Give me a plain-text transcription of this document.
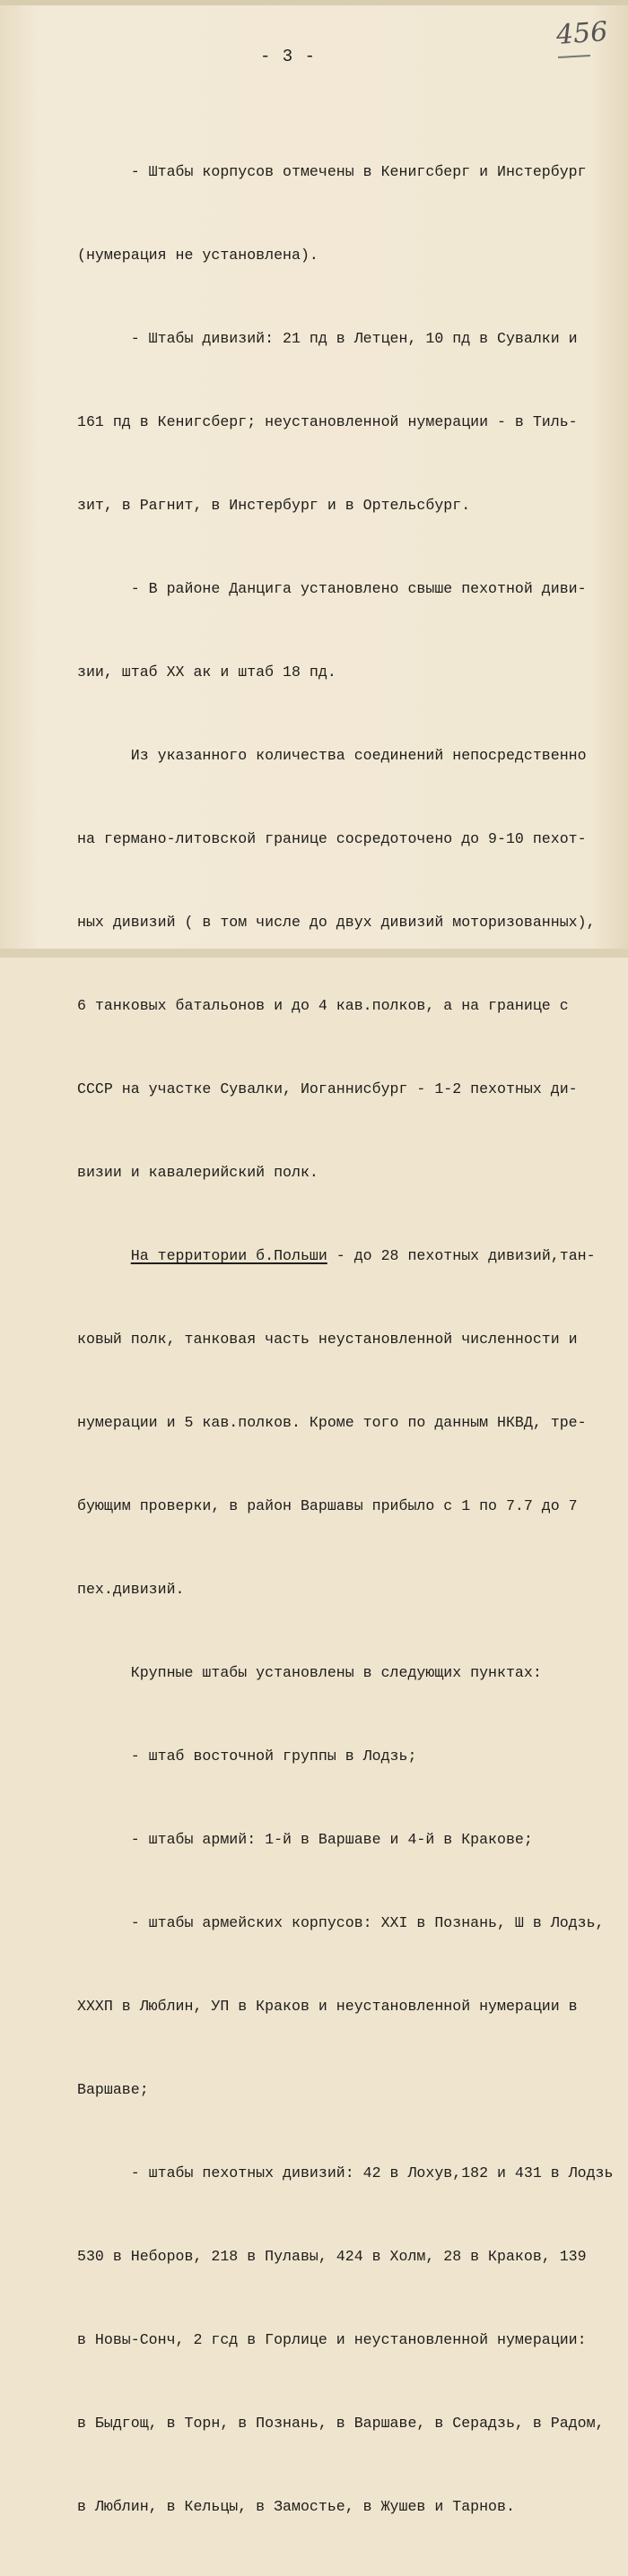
- 3 -
456

- Штабы корпусов отмечены в Кенигсберг и Инстербург

(нумерация не установлена).

- Штабы дивизий: 21 пд в Летцен, 10 пд в Сувалки и

161 пд в Кенигсберг; неустановленной нумерации - в Тиль-

зит, в Рагнит, в Инстербург и в Ортельсбург.

- В районе Данцига установлено свыше пехотной диви-

зии, штаб XX ак и штаб 18 пд.

Из указанного количества соединений непосредственно

на германо-литовской границе сосредоточено до 9-10 пехот-

ных дивизий ( в том числе до двух дивизий моторизованных),

6 танковых батальонов и до 4 кав.полков, а на границе с

СССР на участке Сувалки, Иоганнисбург - 1-2 пехотных ди-

визии и кавалерийский полк.

На территории б.Польши - до 28 пехотных дивизий,тан-

ковый полк, танковая часть неустановленной численности и

нумерации и 5 кав.полков. Кроме того по данным НКВД, тре-

бующим проверки, в район Варшавы прибыло с 1 по 7.7 до 7

пех.дивизий.

Крупные штабы установлены в следующих пунктах:

- штаб восточной группы в Лодзь;

- штабы армий: 1-й в Варшаве и 4-й в Кракове;

- штабы армейских корпусов: XXI в Познань, Ш в Лодзь,

XXXП в Люблин, УП в Краков и неустановленной нумерации в

Варшаве;

- штабы пехотных дивизий: 42 в Лохув,182 и 431 в Лодзь

530 в Неборов, 218 в Пулавы, 424 в Холм, 28 в Краков, 139

в Новы-Сонч, 2 гсд в Горлице и неустановленной нумерации:

в Быдгощ, в Торн, в Познань, в Варшаве, в Серадзь, в Радом,

в Люблин, в Кельцы, в Замостье, в Жушев и Тарнов.
